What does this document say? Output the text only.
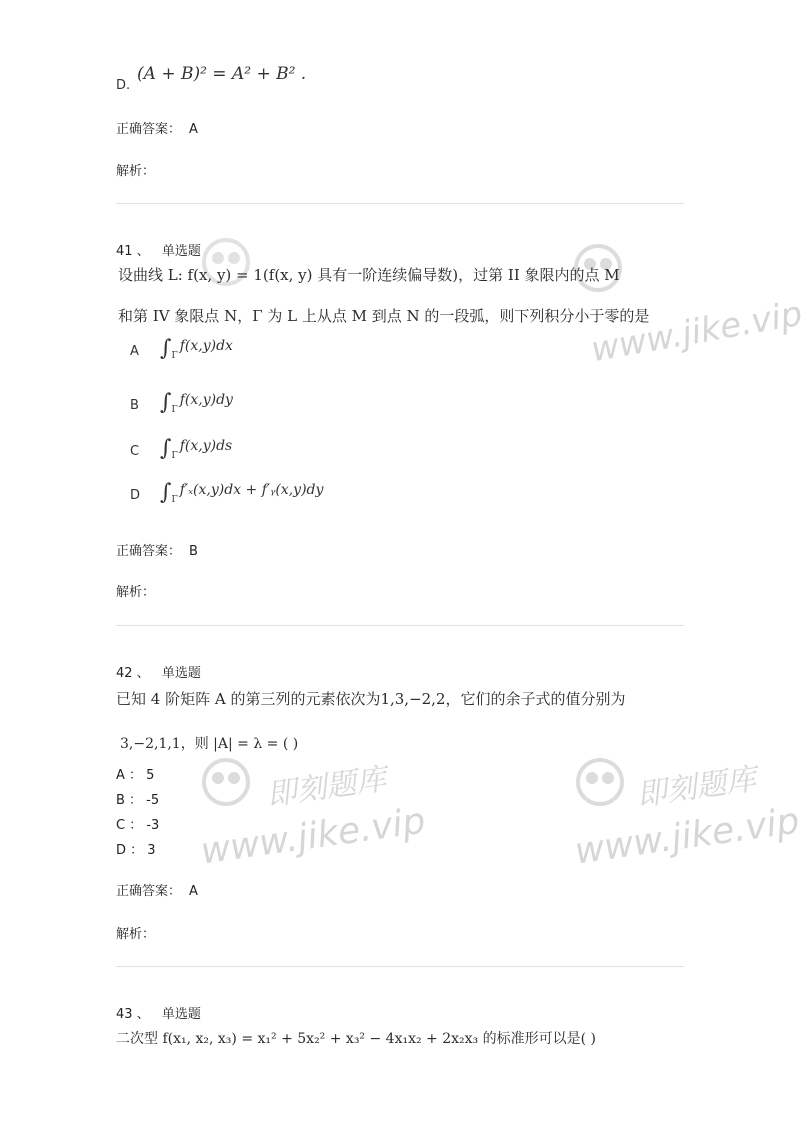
www.jike.vip
即刻题库
www.jike.vip
即刻题库
www.jike.vip
D.
(A + B)² = A² + B² .
正确答案： A
解析：
41 、 单选题
设曲线 L: f(x, y) = 1(f(x, y) 具有一阶连续偏导数)，过第 II 象限内的点 M
和第 IV 象限点 N，Γ 为 L 上从点 M 到点 N 的一段弧，则下列积分小于零的是
A $\int_\Gamma f(x,y)dx$
B $\int_\Gamma f(x,y)dy$
C $\int_\Gamma f(x,y)ds$
D $\int_\Gamma f'_x(x,y)dx$ + f′ᵧ(x,y)dy
正确答案： B
解析：
42 、 单选题
已知 4 阶矩阵 A 的第三列的元素依次为1,3,−2,2，它们的余子式的值分别为
3,−2,1,1，则 |A| = λ = ( )
A ： 5
B ： -5
C ： -3
D ： 3
正确答案： A
解析：
43 、 单选题
二次型 f(x₁, x₂, x₃) = x₁² + 5x₂² + x₃² − 4x₁x₂ + 2x₂x₃ 的标准形可以是( )
